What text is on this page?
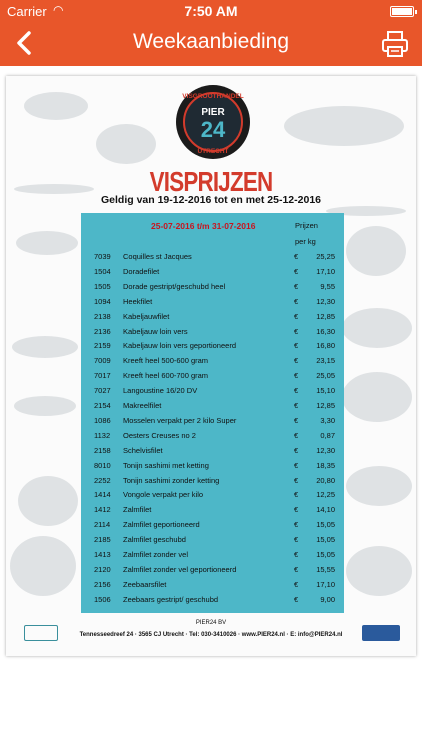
Carrier ◠	7:50 AM
Weekaanbieding
VISGROOTHANDEL
PIER
24
UTRECHT
VISPRIJZEN
Geldig van 19-12-2016 tot en met 25-12-2016
25-07-2016 t/m 31-07-2016	Prijzen
per kg
7039 Coquilles st Jacques	€	25,25
1504 Doradefilet	€	17,10
1505 Dorade gestript/geschubd heel	€	9,55
1094 Heekfilet	€	12,30
2138 Kabeljauwfilet	€	12,85
2136 Kabeljauw loin vers	€	16,30
2159 Kabeljauw loin vers geportioneerd	€	16,80
7009 Kreeft heel 500-600 gram	€	23,15
7017 Kreeft heel 600-700 gram	€	25,05
7027 Langoustine 16/20 DV	€	15,10
2154 Makreelfilet	€	12,85
1086 Mosselen verpakt per 2 kilo Super	€	3,30
1132 Oesters Creuses no 2	€	0,87
2158 Schelvisfilet	€	12,30
8010 Tonijn sashimi met ketting	€	18,35
2252 Tonijn sashimi zonder ketting	€	20,80
1414 Vongole verpakt per kilo	€	12,25
1412 Zalmfilet	€	14,10
2114 Zalmfilet geportioneerd	€	15,05
2185 Zalmfilet geschubd	€	15,05
1413 Zalmfilet zonder vel	€	15,05
2120 Zalmfilet zonder vel geportioneerd	€	15,55
2156 Zeebaarsfilet	€	17,10
1506 Zeebaars gestript/ geschubd	€	9,00
PIER24 BV
Tennesseedreef 24 · 3565 CJ Utrecht · Tel: 030-3410026 · www.PIER24.nl · E: info@PIER24.nl
